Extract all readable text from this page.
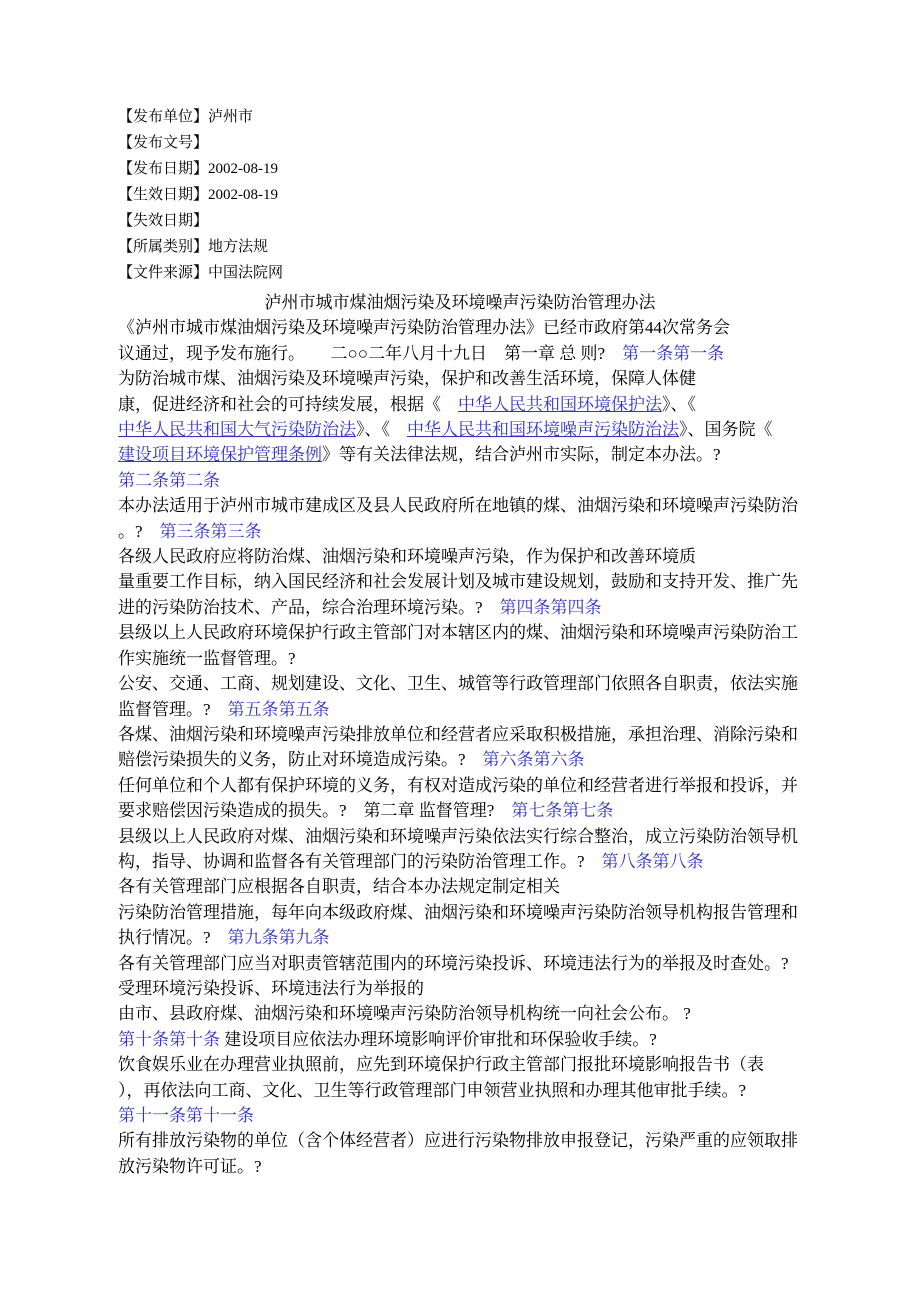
【发布单位】泸州市
【发布文号】
【发布日期】2002-08-19
【生效日期】2002-08-19
【失效日期】
【所属类别】地方法规
【文件来源】中国法院网
泸州市城市煤油烟污染及环境噪声污染防治管理办法
《泸州市城市煤油烟污染及环境噪声污染防治管理办法》已经市政府第44次常务会
议通过，现予发布施行。　　二○○二年八月十九日　第一章 总 则?　第一条第一条
为防治城市煤、油烟污染及环境噪声污染，保护和改善生活环境，保障人体健
康，促进经济和社会的可持续发展，根据《　中华人民共和国环境保护法》、《
中华人民共和国大气污染防治法》、《　中华人民共和国环境噪声污染防治法》、国务院《
建设项目环境保护管理条例》等有关法律法规，结合泸州市实际，制定本办法。?
第二条第二条
本办法适用于泸州市城市建成区及县人民政府所在地镇的煤、油烟污染和环境噪声污染防治
。?　第三条第三条
各级人民政府应将防治煤、油烟污染和环境噪声污染，作为保护和改善环境质
量重要工作目标，纳入国民经济和社会发展计划及城市建设规划，鼓励和支持开发、推广先
进的污染防治技术、产品，综合治理环境污染。?　第四条第四条
县级以上人民政府环境保护行政主管部门对本辖区内的煤、油烟污染和环境噪声污染防治工
作实施统一监督管理。?
公安、交通、工商、规划建设、文化、卫生、城管等行政管理部门依照各自职责，依法实施
监督管理。?　第五条第五条
各煤、油烟污染和环境噪声污染排放单位和经营者应采取积极措施，承担治理、消除污染和
赔偿污染损失的义务，防止对环境造成污染。?　第六条第六条
任何单位和个人都有保护环境的义务，有权对造成污染的单位和经营者进行举报和投诉，并
要求赔偿因污染造成的损失。?　第二章 监督管理?　第七条第七条
县级以上人民政府对煤、油烟污染和环境噪声污染依法实行综合整治，成立污染防治领导机
构，指导、协调和监督各有关管理部门的污染防治管理工作。?　第八条第八条
各有关管理部门应根据各自职责，结合本办法规定制定相关
污染防治管理措施，每年向本级政府煤、油烟污染和环境噪声污染防治领导机构报告管理和
执行情况。?　第九条第九条
各有关管理部门应当对职责管辖范围内的环境污染投诉、环境违法行为的举报及时查处。?
受理环境污染投诉、环境违法行为举报的
由市、县政府煤、油烟污染和环境噪声污染防治领导机构统一向社会公布。 ?
第十条第十条 建设项目应依法办理环境影响评价审批和环保验收手续。?
饮食娱乐业在办理营业执照前，应先到环境保护行政主管部门报批环境影响报告书（表
），再依法向工商、文化、卫生等行政管理部门申领营业执照和办理其他审批手续。?
第十一条第十一条
所有排放污染物的单位（含个体经营者）应进行污染物排放申报登记，污染严重的应领取排
放污染物许可证。?
